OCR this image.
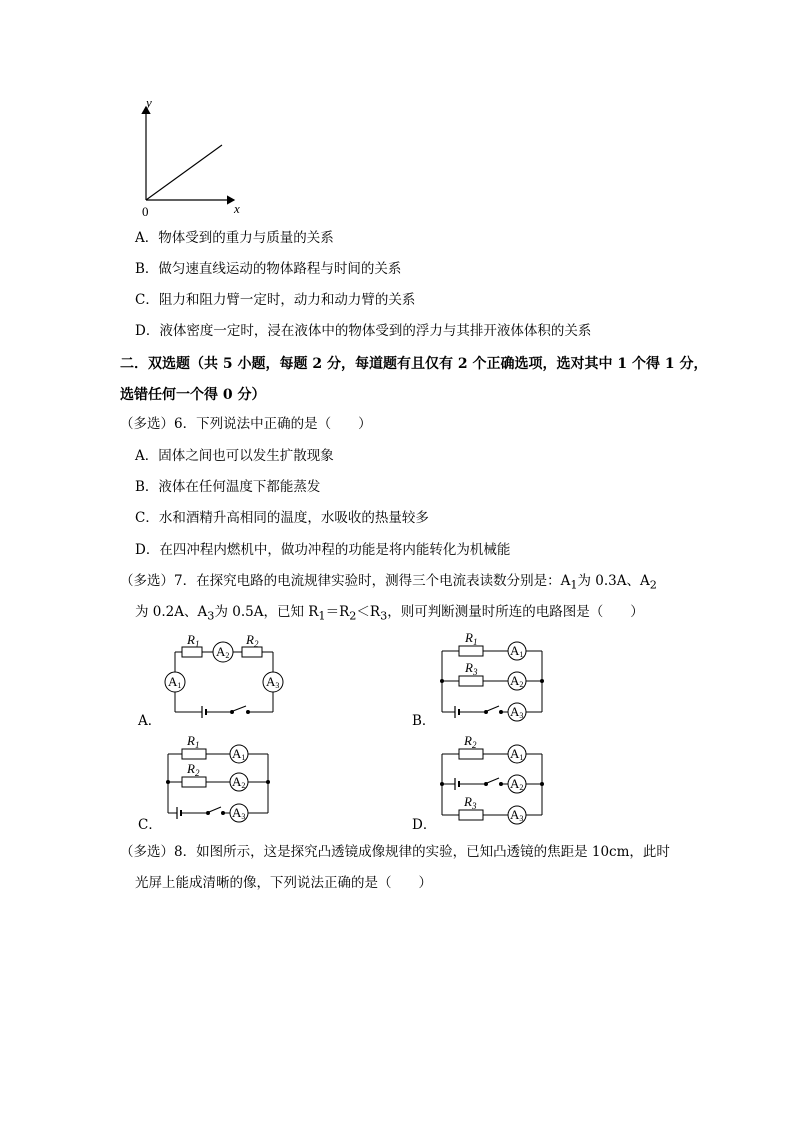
y
x
0
A．物体受到的重力与质量的关系
B．做匀速直线运动的物体路程与时间的关系
C．阻力和阻力臂一定时，动力和动力臂的关系
D．液体密度一定时，浸在液体中的物体受到的浮力与其排开液体体积的关系
二．双选题（共 5 小题，每题 2 分，每道题有且仅有 2 个正确选项，选对其中 1 个得 1 分，
选错任何一个得 0 分）
（多选）6．下列说法中正确的是（　　）
A．固体之间也可以发生扩散现象
B．液体在任何温度下都能蒸发
C．水和酒精升高相同的温度，水吸收的热量较多
D．在四冲程内燃机中，做功冲程的功能是将内能转化为机械能
（多选）7．在探究电路的电流规律实验时，测得三个电流表读数分别是：$A_1$为 0.3A、$A_2$
为 0.2A、$A_3$为 0.5A，已知 $R_1=R_2<R_3$，则可判断测量时所连的电路图是（　　）
A．
$R_1$	$R_2$
A2
A1	A3
B．
$R_1$
$R_3$
A1
A2
A3
C．
$R_1$
$R_2$
A1
A2
A3
D．
$R_2$
$R_3$
A1
A2
A3
（多选）8．如图所示，这是探究凸透镜成像规律的实验，已知凸透镜的焦距是 10cm，此时
光屏上能成清晰的像，下列说法正确的是（　　）
